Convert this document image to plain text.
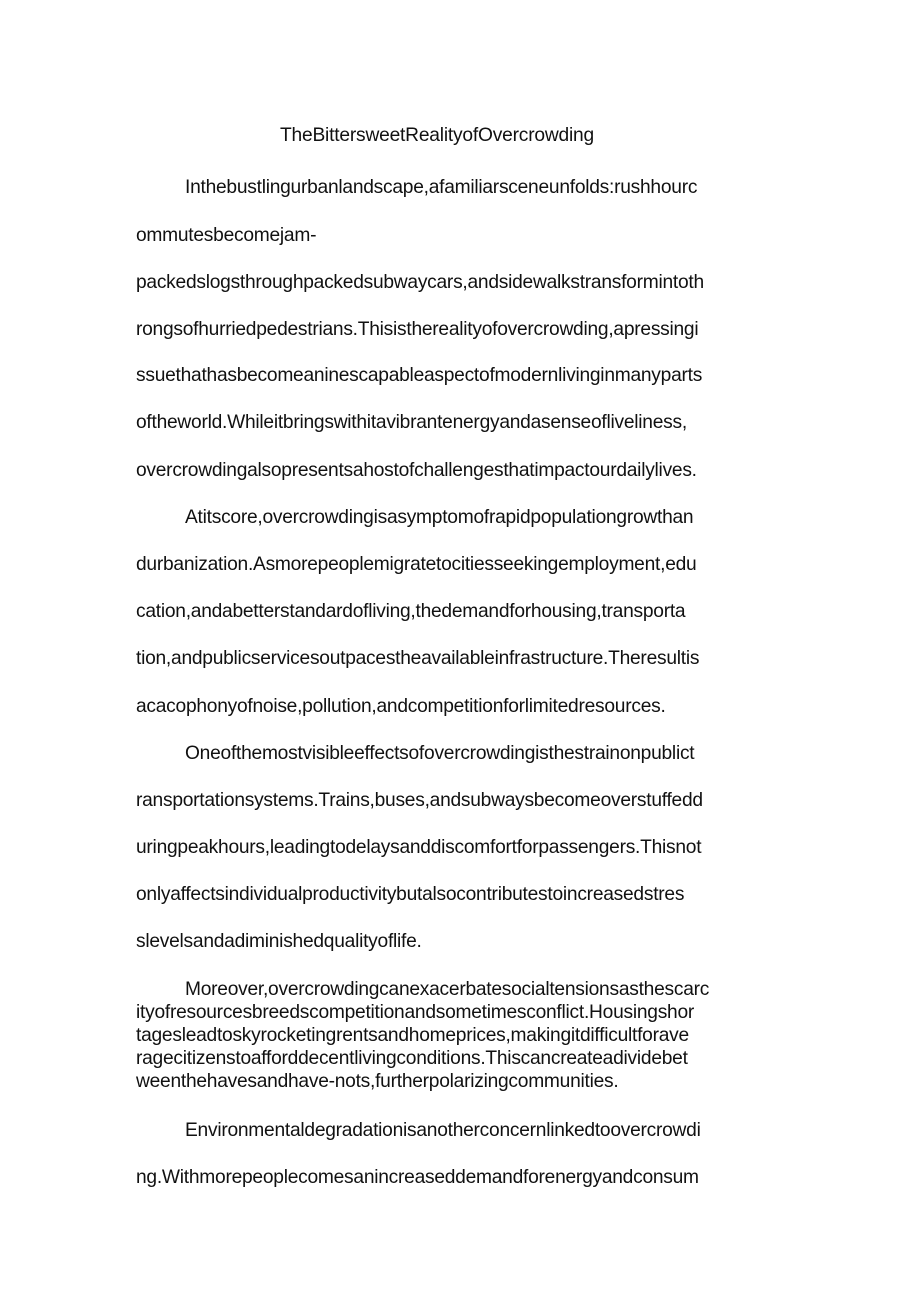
TheBittersweetRealityofOvercrowding
Inthebustlingurbanlandscape,afamiliarsceneunfolds:rushhourc
ommutesbecomejam-
packedslogsthroughpackedsubwaycars,andsidewalkstransformintoth
rongsofhurriedpedestrians.Thisistherealityofovercrowding,apressingi
ssuethathasbecomeaninescapableaspectofmodernlivinginmanyparts
oftheworld.Whileitbringswithitavibrantenergyandasenseofliveliness,
overcrowdingalsopresentsahostofchallengesthatimpactourdailylives.
Atitscore,overcrowdingisasymptomofrapidpopulationgrowthan
durbanization.Asmorepeoplemigratetocitiesseekingemployment,edu
cation,andabetterstandardofliving,thedemandforhousing,transporta
tion,andpublicservicesoutpacestheavailableinfrastructure.Theresultis
acacophonyofnoise,pollution,andcompetitionforlimitedresources.
Oneofthemostvisibleeffectsofovercrowdingisthestrainonpublict
ransportationsystems.Trains,buses,andsubwaysbecomeoverstuffedd
uringpeakhours,leadingtodelaysanddiscomfortforpassengers.Thisnot
onlyaffectsindividualproductivitybutalsocontributestoincreasedstres
slevelsandadiminishedqualityoflife.
Moreover,overcrowdingcanexacerbatesocialtensionsasthescarc
ityofresourcesbreedscompetitionandsometimesconflict.Housingshor
tagesleadtoskyrocketingrentsandhomeprices,makingitdifficultforave
ragecitizenstoafforddecentlivingconditions.Thiscancreateadividebet
weenthehavesandhave-nots,furtherpolarizingcommunities.
Environmentaldegradationisanotherconcernlinkedtoovercrowdi
ng.Withmorepeoplecomesanincreaseddemandforenergyandconsum
